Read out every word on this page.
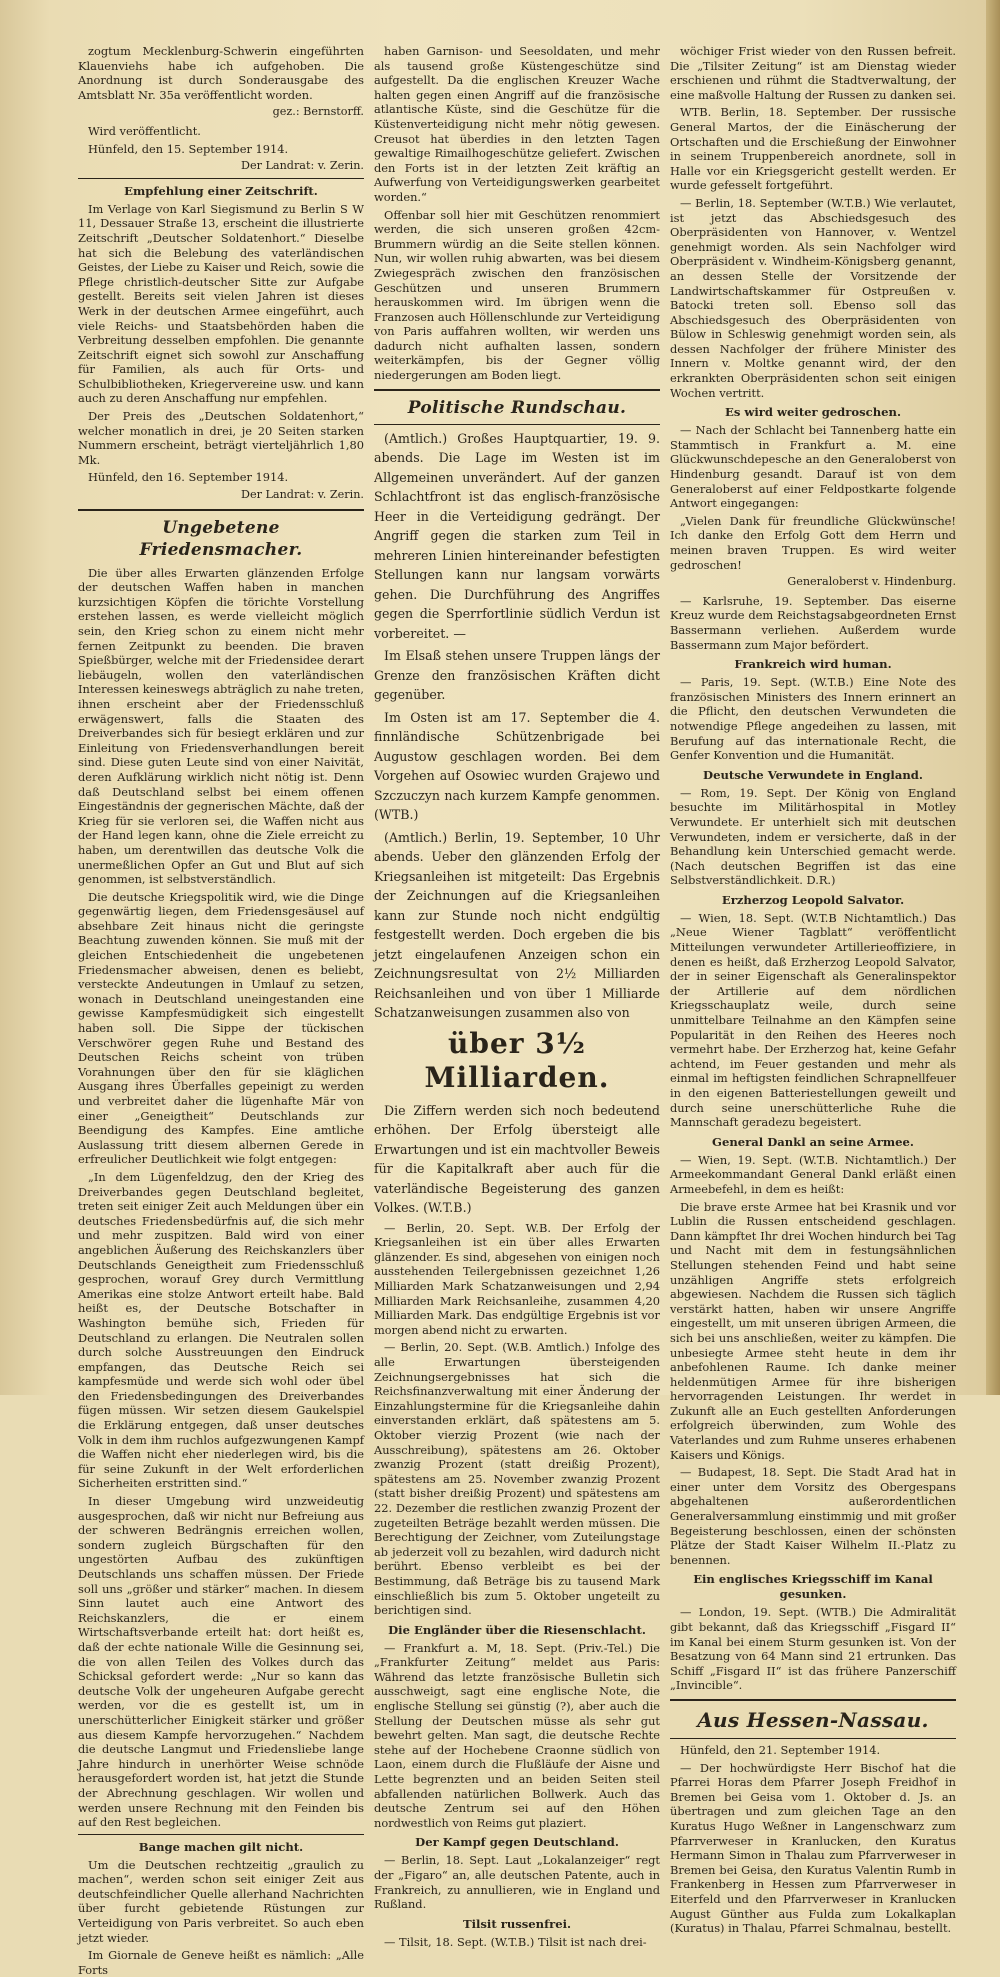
zogtum Mecklenburg-Schwerin eingeführten Klauenviehs habe ich aufgehoben. Die Anordnung ist durch Sonderausgabe des Amtsblatt Nr. 35a veröffentlicht worden.

gez.: Bernstorff.

Wird veröffentlicht.

Hünfeld, den 15. September 1914.

Der Landrat: v. Zerin.
Empfehlung einer Zeitschrift.

Im Verlage von Karl Siegismund zu Berlin S W 11, Dessauer Straße 13, erscheint die illustrierte Zeitschrift „Deutscher Soldatenhort.“ Dieselbe hat sich die Belebung des vaterländischen Geistes, der Liebe zu Kaiser und Reich, sowie die Pflege christlich-deutscher Sitte zur Aufgabe gestellt. Bereits seit vielen Jahren ist dieses Werk in der deutschen Armee eingeführt, auch viele Reichs- und Staatsbehörden haben die Verbreitung desselben empfohlen. Die genannte Zeitschrift eignet sich sowohl zur Anschaffung für Familien, als auch für Orts- und Schulbibliotheken, Kriegervereine usw. und kann auch zu deren Anschaffung nur empfehlen.

Der Preis des „Deutschen Soldatenhort,“ welcher monatlich in drei, je 20 Seiten starken Nummern erscheint, beträgt vierteljährlich 1,80 Mk.

Hünfeld, den 16. September 1914.

Der Landrat: v. Zerin.
Ungebetene Friedensmacher.

Die über alles Erwarten glänzenden Erfolge der deutschen Waffen haben in manchen kurzsichtigen Köpfen die törichte Vorstellung erstehen lassen, es werde vielleicht möglich sein, den Krieg schon zu einem nicht mehr fernen Zeitpunkt zu beenden. Die braven Spießbürger, welche mit der Friedensidee derart liebäugeln, wollen den vaterländischen Interessen keineswegs abträglich zu nahe treten, ihnen erscheint aber der Friedensschluß erwägenswert, falls die Staaten des Dreiverbandes sich für besiegt erklären und zur Einleitung von Friedensverhandlungen bereit sind. Diese guten Leute sind von einer Naivität, deren Aufklärung wirklich nicht nötig ist. Denn daß Deutschland selbst bei einem offenen Eingeständnis der gegnerischen Mächte, daß der Krieg für sie verloren sei, die Waffen nicht aus der Hand legen kann, ohne die Ziele erreicht zu haben, um derentwillen das deutsche Volk die unermeßlichen Opfer an Gut und Blut auf sich genommen, ist selbstverständlich.

Die deutsche Kriegspolitik wird, wie die Dinge gegenwärtig liegen, dem Friedensgesäusel auf absehbare Zeit hinaus nicht die geringste Beachtung zuwenden können. Sie muß mit der gleichen Entschiedenheit die ungebetenen Friedensmacher abweisen, denen es beliebt, versteckte Andeutungen in Umlauf zu setzen, wonach in Deutschland uneingestanden eine gewisse Kampfesmüdigkeit sich eingestellt haben soll. Die Sippe der tückischen Verschwörer gegen Ruhe und Bestand des Deutschen Reichs scheint von trüben Vorahnungen über den für sie kläglichen Ausgang ihres Überfalles gepeinigt zu werden und verbreitet daher die lügenhafte Mär von einer „Geneigtheit“ Deutschlands zur Beendigung des Kampfes. Eine amtliche Auslassung tritt diesem albernen Gerede in erfreulicher Deutlichkeit wie folgt entgegen:

„In dem Lügenfeldzug, den der Krieg des Dreiverbandes gegen Deutschland begleitet, treten seit einiger Zeit auch Meldungen über ein deutsches Friedensbedürfnis auf, die sich mehr und mehr zuspitzen. Bald wird von einer angeblichen Äußerung des Reichskanzlers über Deutschlands Geneigtheit zum Friedensschluß gesprochen, worauf Grey durch Vermittlung Amerikas eine stolze Antwort erteilt habe. Bald heißt es, der Deutsche Botschafter in Washington bemühe sich, Frieden für Deutschland zu erlangen. Die Neutralen sollen durch solche Ausstreuungen den Eindruck empfangen, das Deutsche Reich sei kampfesmüde und werde sich wohl oder übel den Friedensbedingungen des Dreiverbandes fügen müssen. Wir setzen diesem Gaukelspiel die Erklärung entgegen, daß unser deutsches Volk in dem ihm ruchlos aufgezwungenen Kampf die Waffen nicht eher niederlegen wird, bis die für seine Zukunft in der Welt erforderlichen Sicherheiten erstritten sind.“

In dieser Umgebung wird unzweideutig ausgesprochen, daß wir nicht nur Befreiung aus der schweren Bedrängnis erreichen wollen, sondern zugleich Bürgschaften für den ungestörten Aufbau des zukünftigen Deutschlands uns schaffen müssen. Der Friede soll uns „größer und stärker“ machen. In diesem Sinn lautet auch eine Antwort des Reichskanzlers, die er einem Wirtschaftsverbande erteilt hat: dort heißt es, daß der echte nationale Wille die Gesinnung sei, die von allen Teilen des Volkes durch das Schicksal gefordert werde: „Nur so kann das deutsche Volk der ungeheuren Aufgabe gerecht werden, vor die es gestellt ist, um in unerschütterlicher Einigkeit stärker und größer aus diesem Kampfe hervorzugehen.“ Nachdem die deutsche Langmut und Friedensliebe lange Jahre hindurch in unerhörter Weise schnöde herausgefordert worden ist, hat jetzt die Stunde der Abrechnung geschlagen. Wir wollen und werden unsere Rechnung mit den Feinden bis auf den Rest begleichen.

Bange machen gilt nicht.

Um die Deutschen rechtzeitig „graulich zu machen“, werden schon seit einiger Zeit aus deutschfeindlicher Quelle allerhand Nachrichten über furcht gebietende Rüstungen zur Verteidigung von Paris verbreitet. So auch eben jetzt wieder.

Im Giornale de Geneve heißt es nämlich: „Alle Forts

haben Garnison- und Seesoldaten, und mehr als tausend große Küstengeschütze sind aufgestellt. Da die englischen Kreuzer Wache halten gegen einen Angriff auf die französische atlantische Küste, sind die Geschütze für die Küstenverteidigung nicht mehr nötig gewesen. Creusot hat überdies in den letzten Tagen gewaltige Rimailhogeschütze geliefert. Zwischen den Forts ist in der letzten Zeit kräftig an Aufwerfung von Verteidigungswerken gearbeitet worden.“

Offenbar soll hier mit Geschützen renommiert werden, die sich unseren großen 42cm-Brummern würdig an die Seite stellen können. Nun, wir wollen ruhig abwarten, was bei diesem Zwiegespräch zwischen den französischen Geschützen und unseren Brummern herauskommen wird. Im übrigen wenn die Franzosen auch Höllenschlunde zur Verteidigung von Paris auffahren wollten, wir werden uns dadurch nicht aufhalten lassen, sondern weiterkämpfen, bis der Gegner völlig niedergerungen am Boden liegt.

Politische Rundschau.

(Amtlich.) Großes Hauptquartier, 19. 9. abends. Die Lage im Westen ist im Allgemeinen unverändert. Auf der ganzen Schlachtfront ist das englisch-französische Heer in die Verteidigung gedrängt. Der Angriff gegen die starken zum Teil in mehreren Linien hintereinander befestigten Stellungen kann nur langsam vorwärts gehen. Die Durchführung des Angriffes gegen die Sperrfortlinie südlich Verdun ist vorbereitet. —

Im Elsaß stehen unsere Truppen längs der Grenze den französischen Kräften dicht gegenüber.

Im Osten ist am 17. September die 4. finnländische Schützenbrigade bei Augustow geschlagen worden. Bei dem Vorgehen auf Osowiec wurden Grajewo und Szczuczyn nach kurzem Kampfe genommen. (WTB.)

(Amtlich.) Berlin, 19. September, 10 Uhr abends. Ueber den glänzenden Erfolg der Kriegsanleihen ist mitgeteilt: Das Ergebnis der Zeichnungen auf die Kriegsanleihen kann zur Stunde noch nicht endgültig festgestellt werden. Doch ergeben die bis jetzt eingelaufenen Anzeigen schon ein Zeichnungsresultat von 2½ Milliarden Reichsanleihen und von über 1 Milliarde Schatzanweisungen zusammen also von

über 3½ Milliarden.

Die Ziffern werden sich noch bedeutend erhöhen. Der Erfolg übersteigt alle Erwartungen und ist ein machtvoller Beweis für die Kapitalkraft aber auch für die vaterländische Begeisterung des ganzen Volkes. (W.T.B.)

— Berlin, 20. Sept. W.B. Der Erfolg der Kriegsanleihen ist ein über alles Erwarten glänzender. Es sind, abgesehen von einigen noch ausstehenden Teilergebnissen gezeichnet 1,26 Milliarden Mark Schatzanweisungen und 2,94 Milliarden Mark Reichsanleihe, zusammen 4,20 Milliarden Mark. Das endgültige Ergebnis ist vor morgen abend nicht zu erwarten.

— Berlin, 20. Sept. (W.B. Amtlich.) Infolge des alle Erwartungen übersteigenden Zeichnungsergebnisses hat sich die Reichsfinanzverwaltung mit einer Änderung der Einzahlungstermine für die Kriegsanleihe dahin einverstanden erklärt, daß spätestens am 5. Oktober vierzig Prozent (wie nach der Ausschreibung), spätestens am 26. Oktober zwanzig Prozent (statt dreißig Prozent), spätestens am 25. November zwanzig Prozent (statt bisher dreißig Prozent) und spätestens am 22. Dezember die restlichen zwanzig Prozent der zugeteilten Beträge bezahlt werden müssen. Die Berechtigung der Zeichner, vom Zuteilungstage ab jederzeit voll zu bezahlen, wird dadurch nicht berührt. Ebenso verbleibt es bei der Bestimmung, daß Beträge bis zu tausend Mark einschließlich bis zum 5. Oktober ungeteilt zu berichtigen sind.

Die Engländer über die Riesenschlacht.

— Frankfurt a. M, 18. Sept. (Priv.-Tel.) Die „Frankfurter Zeitung“ meldet aus Paris: Während das letzte französische Bulletin sich ausschweigt, sagt eine englische Note, die englische Stellung sei günstig (?), aber auch die Stellung der Deutschen müsse als sehr gut bewehrt gelten. Man sagt, die deutsche Rechte stehe auf der Hochebene Craonne südlich von Laon, einem durch die Flußläufe der Aisne und Lette begrenzten und an beiden Seiten steil abfallenden natürlichen Bollwerk. Auch das deutsche Zentrum sei auf den Höhen nordwestlich von Reims gut plaziert.

Der Kampf gegen Deutschland.

— Berlin, 18. Sept. Laut „Lokalanzeiger“ regt der „Figaro“ an, alle deutschen Patente, auch in Frankreich, zu annullieren, wie in England und Rußland.

Tilsit russenfrei.

— Tilsit, 18. Sept. (W.T.B.) Tilsit ist nach drei-

wöchiger Frist wieder von den Russen befreit. Die „Tilsiter Zeitung“ ist am Dienstag wieder erschienen und rühmt die Stadtverwaltung, der eine maßvolle Haltung der Russen zu danken sei.

WTB. Berlin, 18. September. Der russische General Martos, der die Einäscherung der Ortschaften und die Erschießung der Einwohner in seinem Truppenbereich anordnete, soll in Halle vor ein Kriegsgericht gestellt werden. Er wurde gefesselt fortgeführt.

— Berlin, 18. September (W.T.B.) Wie verlautet, ist jetzt das Abschiedsgesuch des Oberpräsidenten von Hannover, v. Wentzel genehmigt worden. Als sein Nachfolger wird Oberpräsident v. Windheim-Königsberg genannt, an dessen Stelle der Vorsitzende der Landwirtschaftskammer für Ostpreußen v. Batocki treten soll. Ebenso soll das Abschiedsgesuch des Oberpräsidenten von Bülow in Schleswig genehmigt worden sein, als dessen Nachfolger der frühere Minister des Innern v. Moltke genannt wird, der den erkrankten Oberpräsidenten schon seit einigen Wochen vertritt.

Es wird weiter gedroschen.

— Nach der Schlacht bei Tannenberg hatte ein Stammtisch in Frankfurt a. M. eine Glückwunschdepesche an den Generaloberst von Hindenburg gesandt. Darauf ist von dem Generaloberst auf einer Feldpostkarte folgende Antwort eingegangen:

„Vielen Dank für freundliche Glückwünsche! Ich danke den Erfolg Gott dem Herrn und meinen braven Truppen. Es wird weiter gedroschen!

Generaloberst v. Hindenburg.

— Karlsruhe, 19. September. Das eiserne Kreuz wurde dem Reichstagsabgeordneten Ernst Bassermann verliehen. Außerdem wurde Bassermann zum Major befördert.

Frankreich wird human.

— Paris, 19. Sept. (W.T.B.) Eine Note des französischen Ministers des Innern erinnert an die Pflicht, den deutschen Verwundeten die notwendige Pflege angedeihen zu lassen, mit Berufung auf das internationale Recht, die Genfer Konvention und die Humanität.

Deutsche Verwundete in England.

— Rom, 19. Sept. Der König von England besuchte im Militärhospital in Motley Verwundete. Er unterhielt sich mit deutschen Verwundeten, indem er versicherte, daß in der Behandlung kein Unterschied gemacht werde. (Nach deutschen Begriffen ist das eine Selbstverständlichkeit. D.R.)

Erzherzog Leopold Salvator.

— Wien, 18. Sept. (W.T.B Nichtamtlich.) Das „Neue Wiener Tagblatt“ veröffentlicht Mitteilungen verwundeter Artillerieoffiziere, in denen es heißt, daß Erzherzog Leopold Salvator, der in seiner Eigenschaft als Generalinspektor der Artillerie auf dem nördlichen Kriegsschauplatz weile, durch seine unmittelbare Teilnahme an den Kämpfen seine Popularität in den Reihen des Heeres noch vermehrt habe. Der Erzherzog hat, keine Gefahr achtend, im Feuer gestanden und mehr als einmal im heftigsten feindlichen Schrapnellfeuer in den eigenen Batteriestellungen geweilt und durch seine unerschütterliche Ruhe die Mannschaft geradezu begeistert.

General Dankl an seine Armee.

— Wien, 19. Sept. (W.T.B. Nichtamtlich.) Der Armeekommandant General Dankl erläßt einen Armeebefehl, in dem es heißt:

Die brave erste Armee hat bei Krasnik und vor Lublin die Russen entscheidend geschlagen. Dann kämpftet Ihr drei Wochen hindurch bei Tag und Nacht mit dem in festungsähnlichen Stellungen stehenden Feind und habt seine unzähligen Angriffe stets erfolgreich abgewiesen. Nachdem die Russen sich täglich verstärkt hatten, haben wir unsere Angriffe eingestellt, um mit unseren übrigen Armeen, die sich bei uns anschließen, weiter zu kämpfen. Die unbesiegte Armee steht heute in dem ihr anbefohlenen Raume. Ich danke meiner heldenmütigen Armee für ihre bisherigen hervorragenden Leistungen. Ihr werdet in Zukunft alle an Euch gestellten Anforderungen erfolgreich überwinden, zum Wohle des Vaterlandes und zum Ruhme unseres erhabenen Kaisers und Königs.

— Budapest, 18. Sept. Die Stadt Arad hat in einer unter dem Vorsitz des Obergespans abgehaltenen außerordentlichen Generalversammlung einstimmig und mit großer Begeisterung beschlossen, einen der schönsten Plätze der Stadt Kaiser Wilhelm II.-Platz zu benennen.

Ein englisches Kriegsschiff im Kanal gesunken.

— London, 19. Sept. (WTB.) Die Admiralität gibt bekannt, daß das Kriegsschiff „Fisgard II“ im Kanal bei einem Sturm gesunken ist. Von der Besatzung von 64 Mann sind 21 ertrunken. Das Schiff „Fisgard II“ ist das frühere Panzerschiff „Invincible“.

Aus Hessen-Nassau.

Hünfeld, den 21. September 1914.

— Der hochwürdigste Herr Bischof hat die Pfarrei Horas dem Pfarrer Joseph Freidhof in Bremen bei Geisa vom 1. Oktober d. Js. an übertragen und zum gleichen Tage an den Kuratus Hugo Weßner in Langenschwarz zum Pfarrverweser in Kranlucken, den Kuratus Hermann Simon in Thalau zum Pfarrverweser in Bremen bei Geisa, den Kuratus Valentin Rumb in Frankenberg in Hessen zum Pfarrverweser in Eiterfeld und den Pfarrverweser in Kranlucken August Günther aus Fulda zum Lokalkaplan (Kuratus) in Thalau, Pfarrei Schmalnau, bestellt.
